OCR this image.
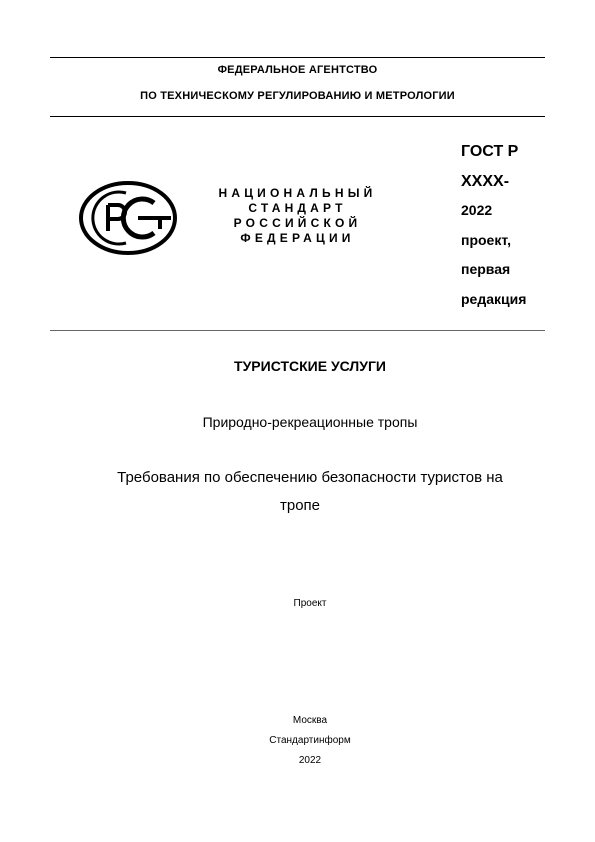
ФЕДЕРАЛЬНОЕ АГЕНТСТВО
ПО ТЕХНИЧЕСКОМУ РЕГУЛИРОВАНИЮ И МЕТРОЛОГИИ
НАЦИОНАЛЬНЫЙ
СТАНДАРТ
РОССИЙСКОЙ
ФЕДЕРАЦИИ
ГОСТ Р
XXXX-
2022
проект,
первая
редакция
ТУРИСТСКИЕ УСЛУГИ
Природно-рекреационные тропы
Требования по обеспечению безопасности туристов на
тропе
Проект
Москва
Стандартинформ
2022
